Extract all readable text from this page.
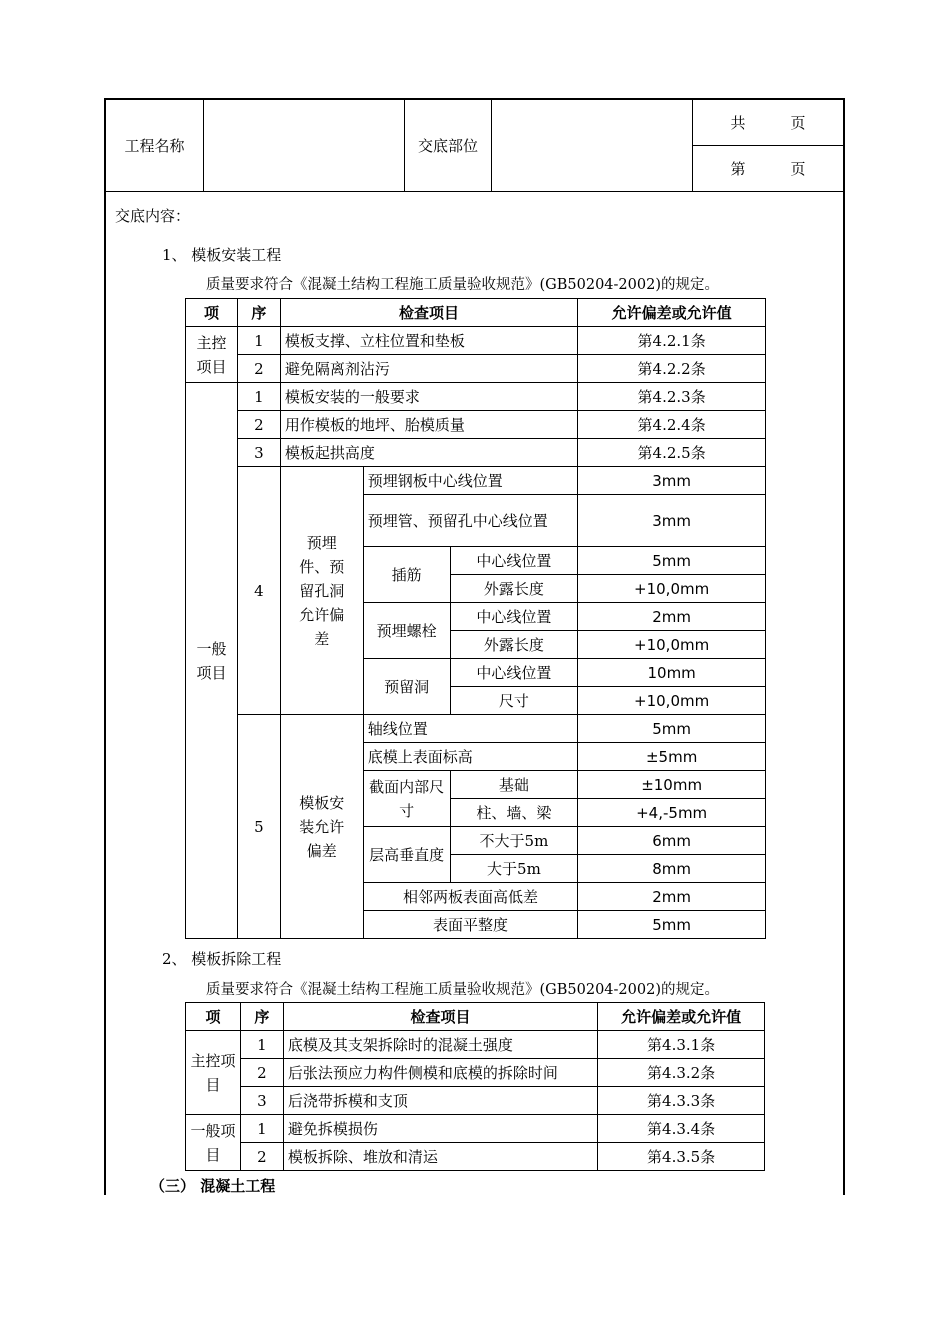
工程名称		交底部位		共　　　页
第　　　页
交底内容：
1、 模板安装工程
质量要求符合《混凝土结构工程施工质量验收规范》(GB50204-2002)的规定。
项	序	检查项目			允许偏差或允许值
主控项目	1	模板支撑、立柱位置和垫板			第4.2.1条
	2	避免隔离剂沾污			第4.2.2条
一般项目	1	模板安装的一般要求			第4.2.3条
	2	用作模板的地坪、胎模质量			第4.2.4条
	3	模板起拱高度			第4.2.5条
	4	预埋件、预留孔洞允许偏差	预埋钢板中心线位置		3mm
			预埋管、预留孔中心线位置		3mm
			插筋	中心线位置	5mm
				外露长度	+10,0mm
			预埋螺栓	中心线位置	2mm
				外露长度	+10,0mm
			预留洞	中心线位置	10mm
				尺寸	+10,0mm
	5	模板安装允许偏差	轴线位置		5mm
			底模上表面标高		±5mm
			截面内部尺寸	基础	±10mm
				柱、墙、梁	+4,-5mm
			层高垂直度	不大于5m	6mm
				大于5m	8mm
			相邻两板表面高低差		2mm
			表面平整度		5mm
2、 模板拆除工程
质量要求符合《混凝土结构工程施工质量验收规范》(GB50204-2002)的规定。
项	序	检查项目	允许偏差或允许值
主控项目	1	底模及其支架拆除时的混凝土强度	第4.3.1条
	2	后张法预应力构件侧模和底模的拆除时间	第4.3.2条
	3	后浇带拆模和支顶	第4.3.3条
一般项目	1	避免拆模损伤	第4.3.4条
	2	模板拆除、堆放和清运	第4.3.5条
（三） 混凝土工程
